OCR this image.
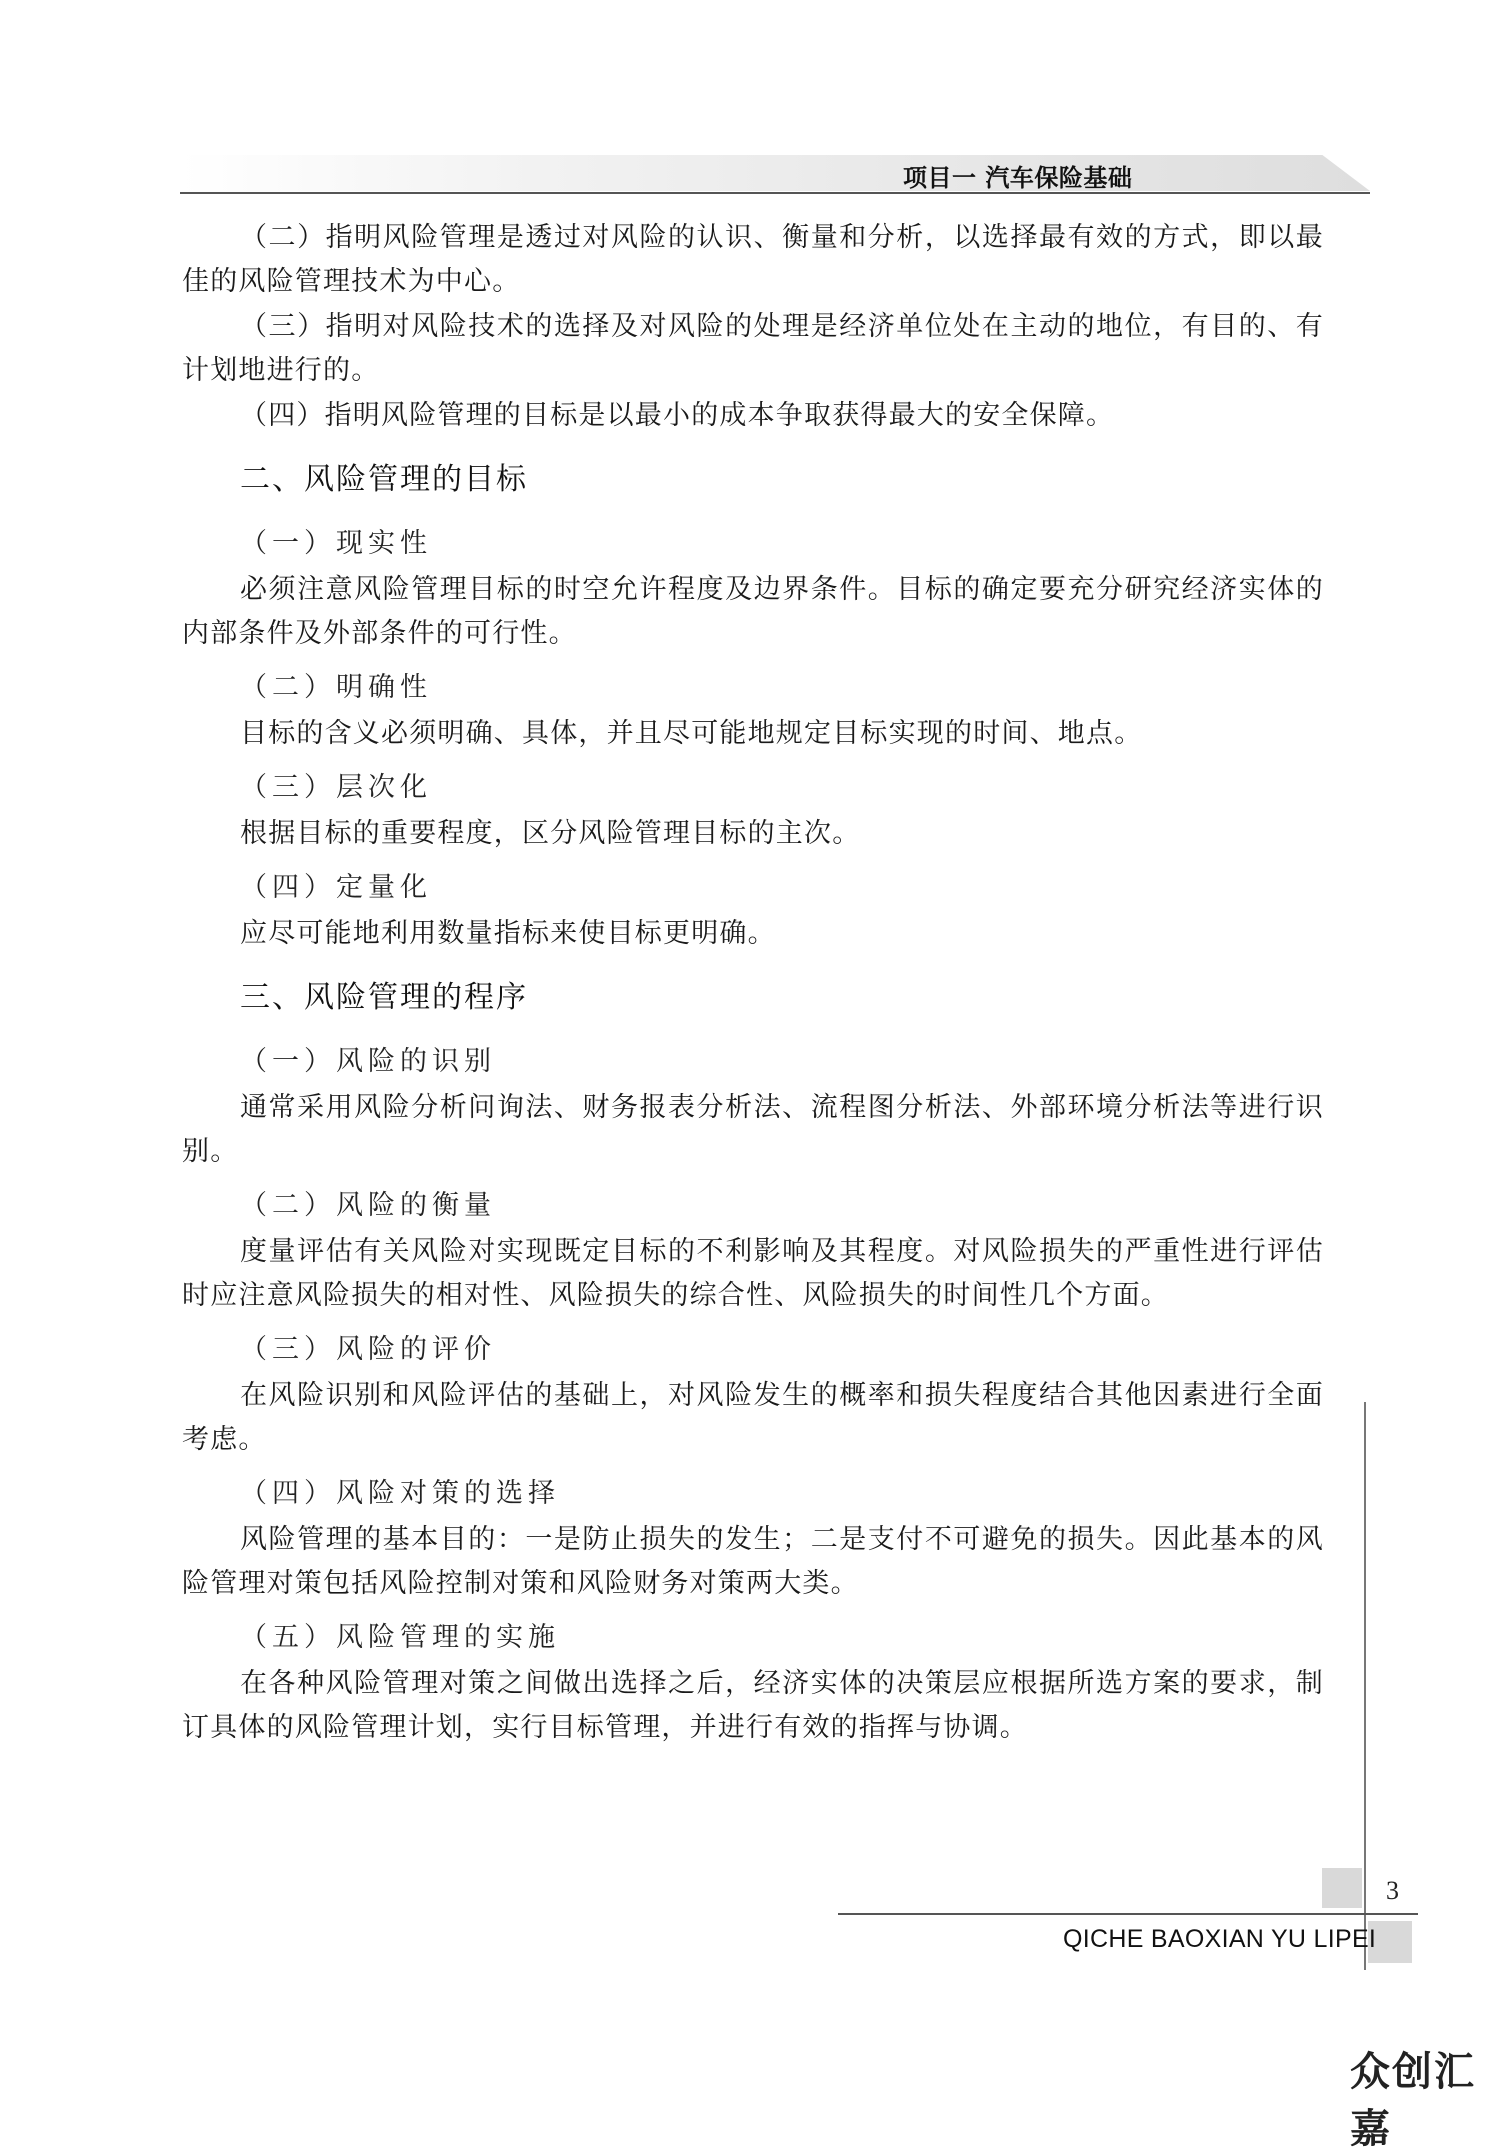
项目一 汽车保险基础
（二）指明风险管理是透过对风险的认识、衡量和分析，以选择最有效的方式，即以最佳的风险管理技术为中心。
（三）指明对风险技术的选择及对风险的处理是经济单位处在主动的地位，有目的、有计划地进行的。
（四）指明风险管理的目标是以最小的成本争取获得最大的安全保障。
二、风险管理的目标
（一）现实性
必须注意风险管理目标的时空允许程度及边界条件。目标的确定要充分研究经济实体的内部条件及外部条件的可行性。
（二）明确性
目标的含义必须明确、具体，并且尽可能地规定目标实现的时间、地点。
（三）层次化
根据目标的重要程度，区分风险管理目标的主次。
（四）定量化
应尽可能地利用数量指标来使目标更明确。
三、风险管理的程序
（一）风险的识别
通常采用风险分析问询法、财务报表分析法、流程图分析法、外部环境分析法等进行识别。
（二）风险的衡量
度量评估有关风险对实现既定目标的不利影响及其程度。对风险损失的严重性进行评估时应注意风险损失的相对性、风险损失的综合性、风险损失的时间性几个方面。
（三）风险的评价
在风险识别和风险评估的基础上，对风险发生的概率和损失程度结合其他因素进行全面考虑。
（四）风险对策的选择
风险管理的基本目的：一是防止损失的发生；二是支付不可避免的损失。因此基本的风险管理对策包括风险控制对策和风险财务对策两大类。
（五）风险管理的实施
在各种风险管理对策之间做出选择之后，经济实体的决策层应根据所选方案的要求，制订具体的风险管理计划，实行目标管理，并进行有效的指挥与协调。
3
QICHE BAOXIAN YU LIPEI
众创汇嘉
